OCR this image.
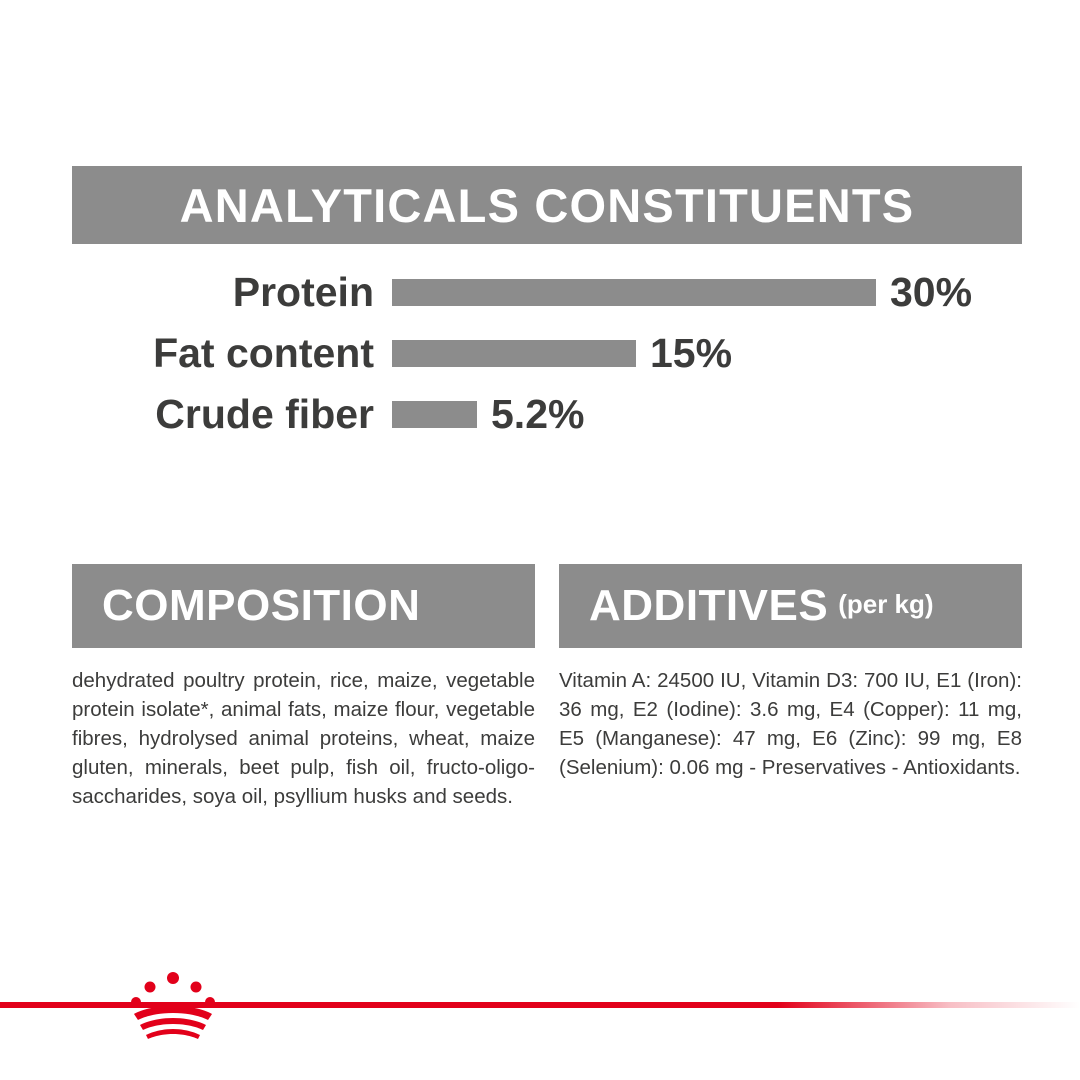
ANALYTICALS CONSTITUENTS
Protein	30%
Fat content	15%
Crude fiber	5.2%
COMPOSITION
dehydrated poultry protein, rice, maize, vegetable protein isolate*, animal fats, maize flour, vegetable fibres, hydrolysed animal proteins, wheat, maize gluten, minerals, beet pulp, fish oil, fructo-oligo-saccharides, soya oil, psyllium husks and seeds.
ADDITIVES (per kg)
Vitamin A: 24500 IU, Vitamin D3: 700 IU, E1 (Iron): 36 mg, E2 (Iodine): 3.6 mg, E4 (Copper): 11 mg, E5 (Manganese): 47 mg, E6 (Zinc): 99 mg, E8 (Selenium): 0.06 mg - Preservatives - Antioxidants.
